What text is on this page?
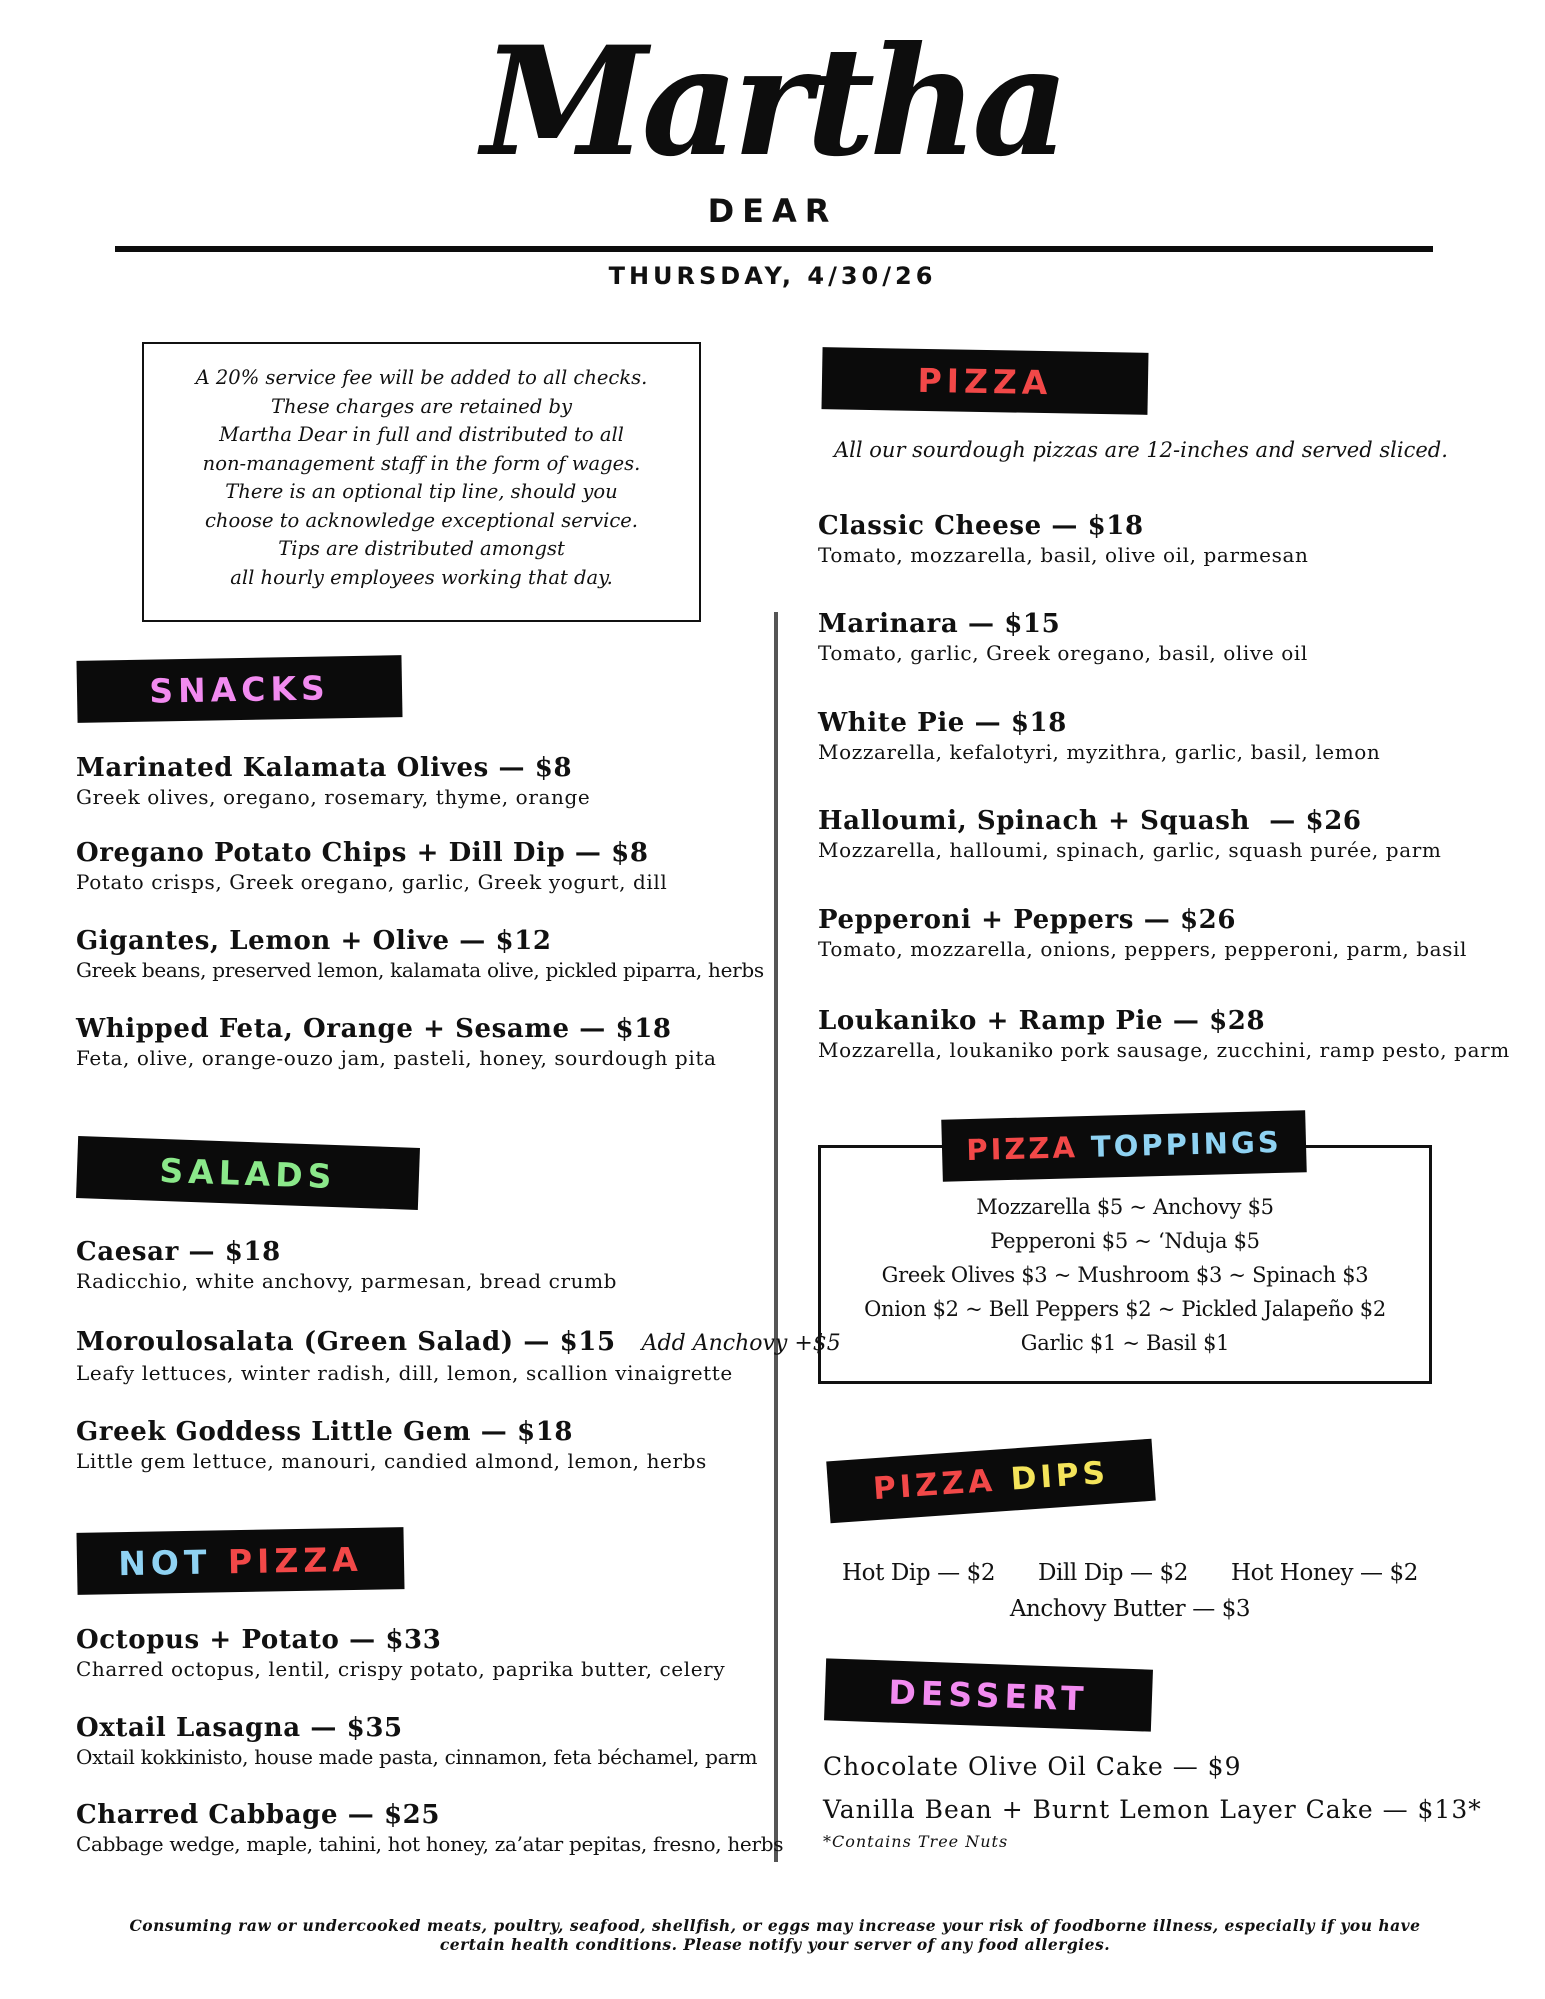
Martha
DEAR
THURSDAY, 4/30/26
A 20% service fee will be added to all checks.
These charges are retained by
Martha Dear in full and distributed to all
non-management staff in the form of wages.
There is an optional tip line, should you
choose to acknowledge exceptional service.
Tips are distributed amongst
all hourly employees working that day.
SNACKS
Marinated Kalamata Olives — $8
Greek olives, oregano, rosemary, thyme, orange
Oregano Potato Chips + Dill Dip — $8
Potato crisps, Greek oregano, garlic, Greek yogurt, dill
Gigantes, Lemon + Olive — $12
Greek beans, preserved lemon, kalamata olive, pickled piparra, herbs
Whipped Feta, Orange + Sesame — $18
Feta, olive, orange-ouzo jam, pasteli, honey, sourdough pita
SALADS
Caesar — $18
Radicchio, white anchovy, parmesan, bread crumb
Moroulosalata (Green Salad) — $15 Add Anchovy +$5
Leafy lettuces, winter radish, dill, lemon, scallion vinaigrette
Greek Goddess Little Gem — $18
Little gem lettuce, manouri, candied almond, lemon, herbs
NOT
PIZZA
Octopus + Potato — $33
Charred octopus, lentil, crispy potato, paprika butter, celery
Oxtail Lasagna — $35
Oxtail kokkinisto, house made pasta, cinnamon, feta béchamel, parm
Charred Cabbage — $25
Cabbage wedge, maple, tahini, hot honey, za’atar pepitas, fresno, herbs
PIZZA
All our sourdough pizzas are 12-inches and served sliced.
Classic Cheese — $18
Tomato, mozzarella, basil, olive oil, parmesan
Marinara — $15
Tomato, garlic, Greek oregano, basil, olive oil
White Pie — $18
Mozzarella, kefalotyri, myzithra, garlic, basil, lemon
Halloumi, Spinach + Squash  — $26
Mozzarella, halloumi, spinach, garlic, squash purée, parm
Pepperoni + Peppers — $26
Tomato, mozzarella, onions, peppers, pepperoni, parm, basil
Loukaniko + Ramp Pie — $28
Mozzarella, loukaniko pork sausage, zucchini, ramp pesto, parm
PIZZA
TOPPINGS
Mozzarella $5 ~ Anchovy $5
Pepperoni $5 ~ ‘Nduja $5
Greek Olives $3 ~ Mushroom $3 ~ Spinach $3
Onion $2 ~ Bell Peppers $2 ~ Pickled Jalapeño $2
Garlic $1 ~ Basil $1
PIZZA
DIPS
Hot Dip — $2 Dill Dip — $2 Hot Honey — $2
Anchovy Butter — $3
DESSERT
Chocolate Olive Oil Cake — $9
Vanilla Bean + Burnt Lemon Layer Cake — $13*
*Contains Tree Nuts
Consuming raw or undercooked meats, poultry, seafood, shellfish, or eggs may increase your risk of foodborne illness, especially if you have certain health conditions. Please notify your server of any food allergies.
